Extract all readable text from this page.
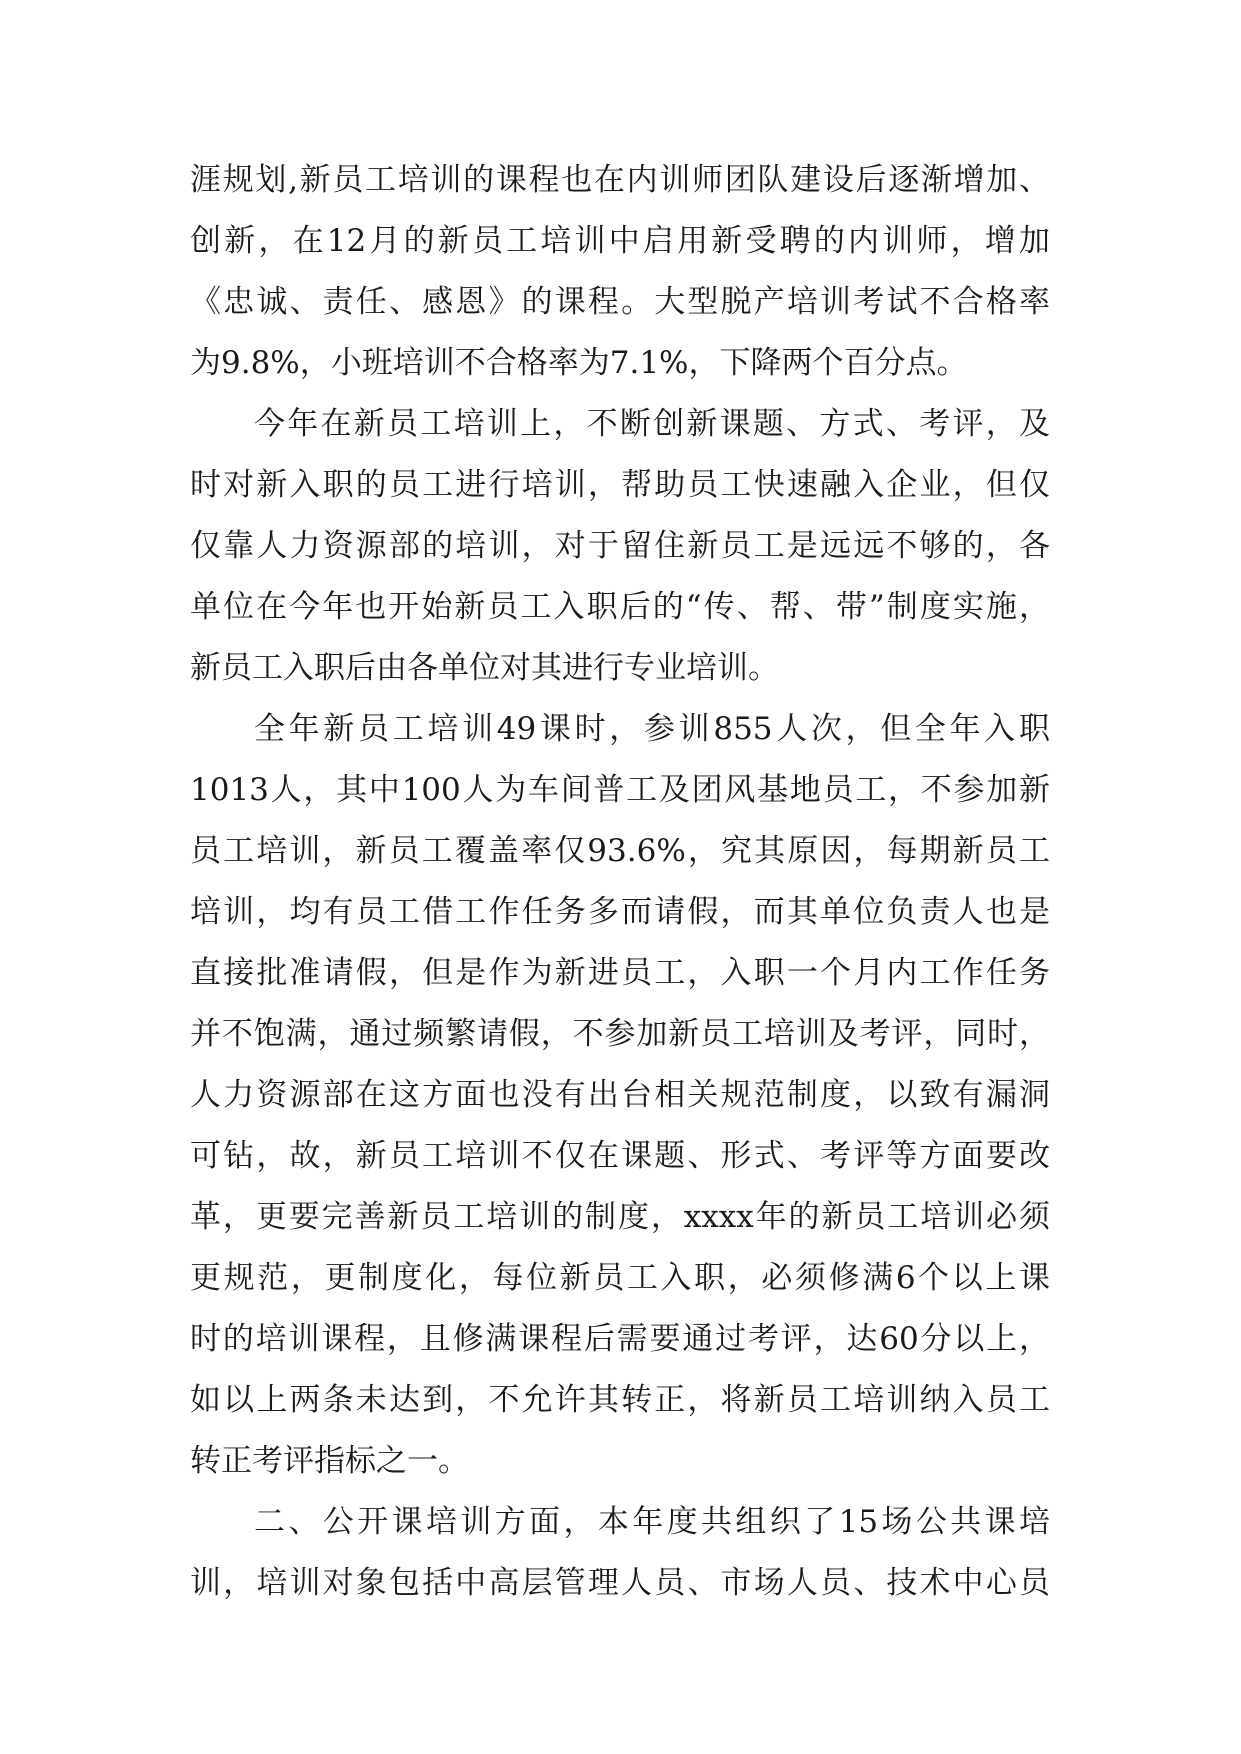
涯规划,新员工培训的课程也在内训师团队建设后逐渐增加、
创新，在12月的新员工培训中启用新受聘的内训师，增加
《忠诚、责任、感恩》的课程。大型脱产培训考试不合格率
为9.8%，小班培训不合格率为7.1%，下降两个百分点。
今年在新员工培训上，不断创新课题、方式、考评，及
时对新入职的员工进行培训，帮助员工快速融入企业，但仅
仅靠人力资源部的培训，对于留住新员工是远远不够的，各
单位在今年也开始新员工入职后的“传、帮、带”制度实施，
新员工入职后由各单位对其进行专业培训。
全年新员工培训49课时，参训855人次，但全年入职
1013人，其中100人为车间普工及团风基地员工，不参加新
员工培训，新员工覆盖率仅93.6%，究其原因，每期新员工
培训，均有员工借工作任务多而请假，而其单位负责人也是
直接批准请假，但是作为新进员工，入职一个月内工作任务
并不饱满，通过频繁请假，不参加新员工培训及考评，同时，
人力资源部在这方面也没有出台相关规范制度，以致有漏洞
可钻，故，新员工培训不仅在课题、形式、考评等方面要改
革，更要完善新员工培训的制度，xxxx年的新员工培训必须
更规范，更制度化，每位新员工入职，必须修满6个以上课
时的培训课程，且修满课程后需要通过考评，达60分以上，
如以上两条未达到，不允许其转正，将新员工培训纳入员工
转正考评指标之一。
二、公开课培训方面，本年度共组织了15场公共课培
训，培训对象包括中高层管理人员、市场人员、技术中心员
